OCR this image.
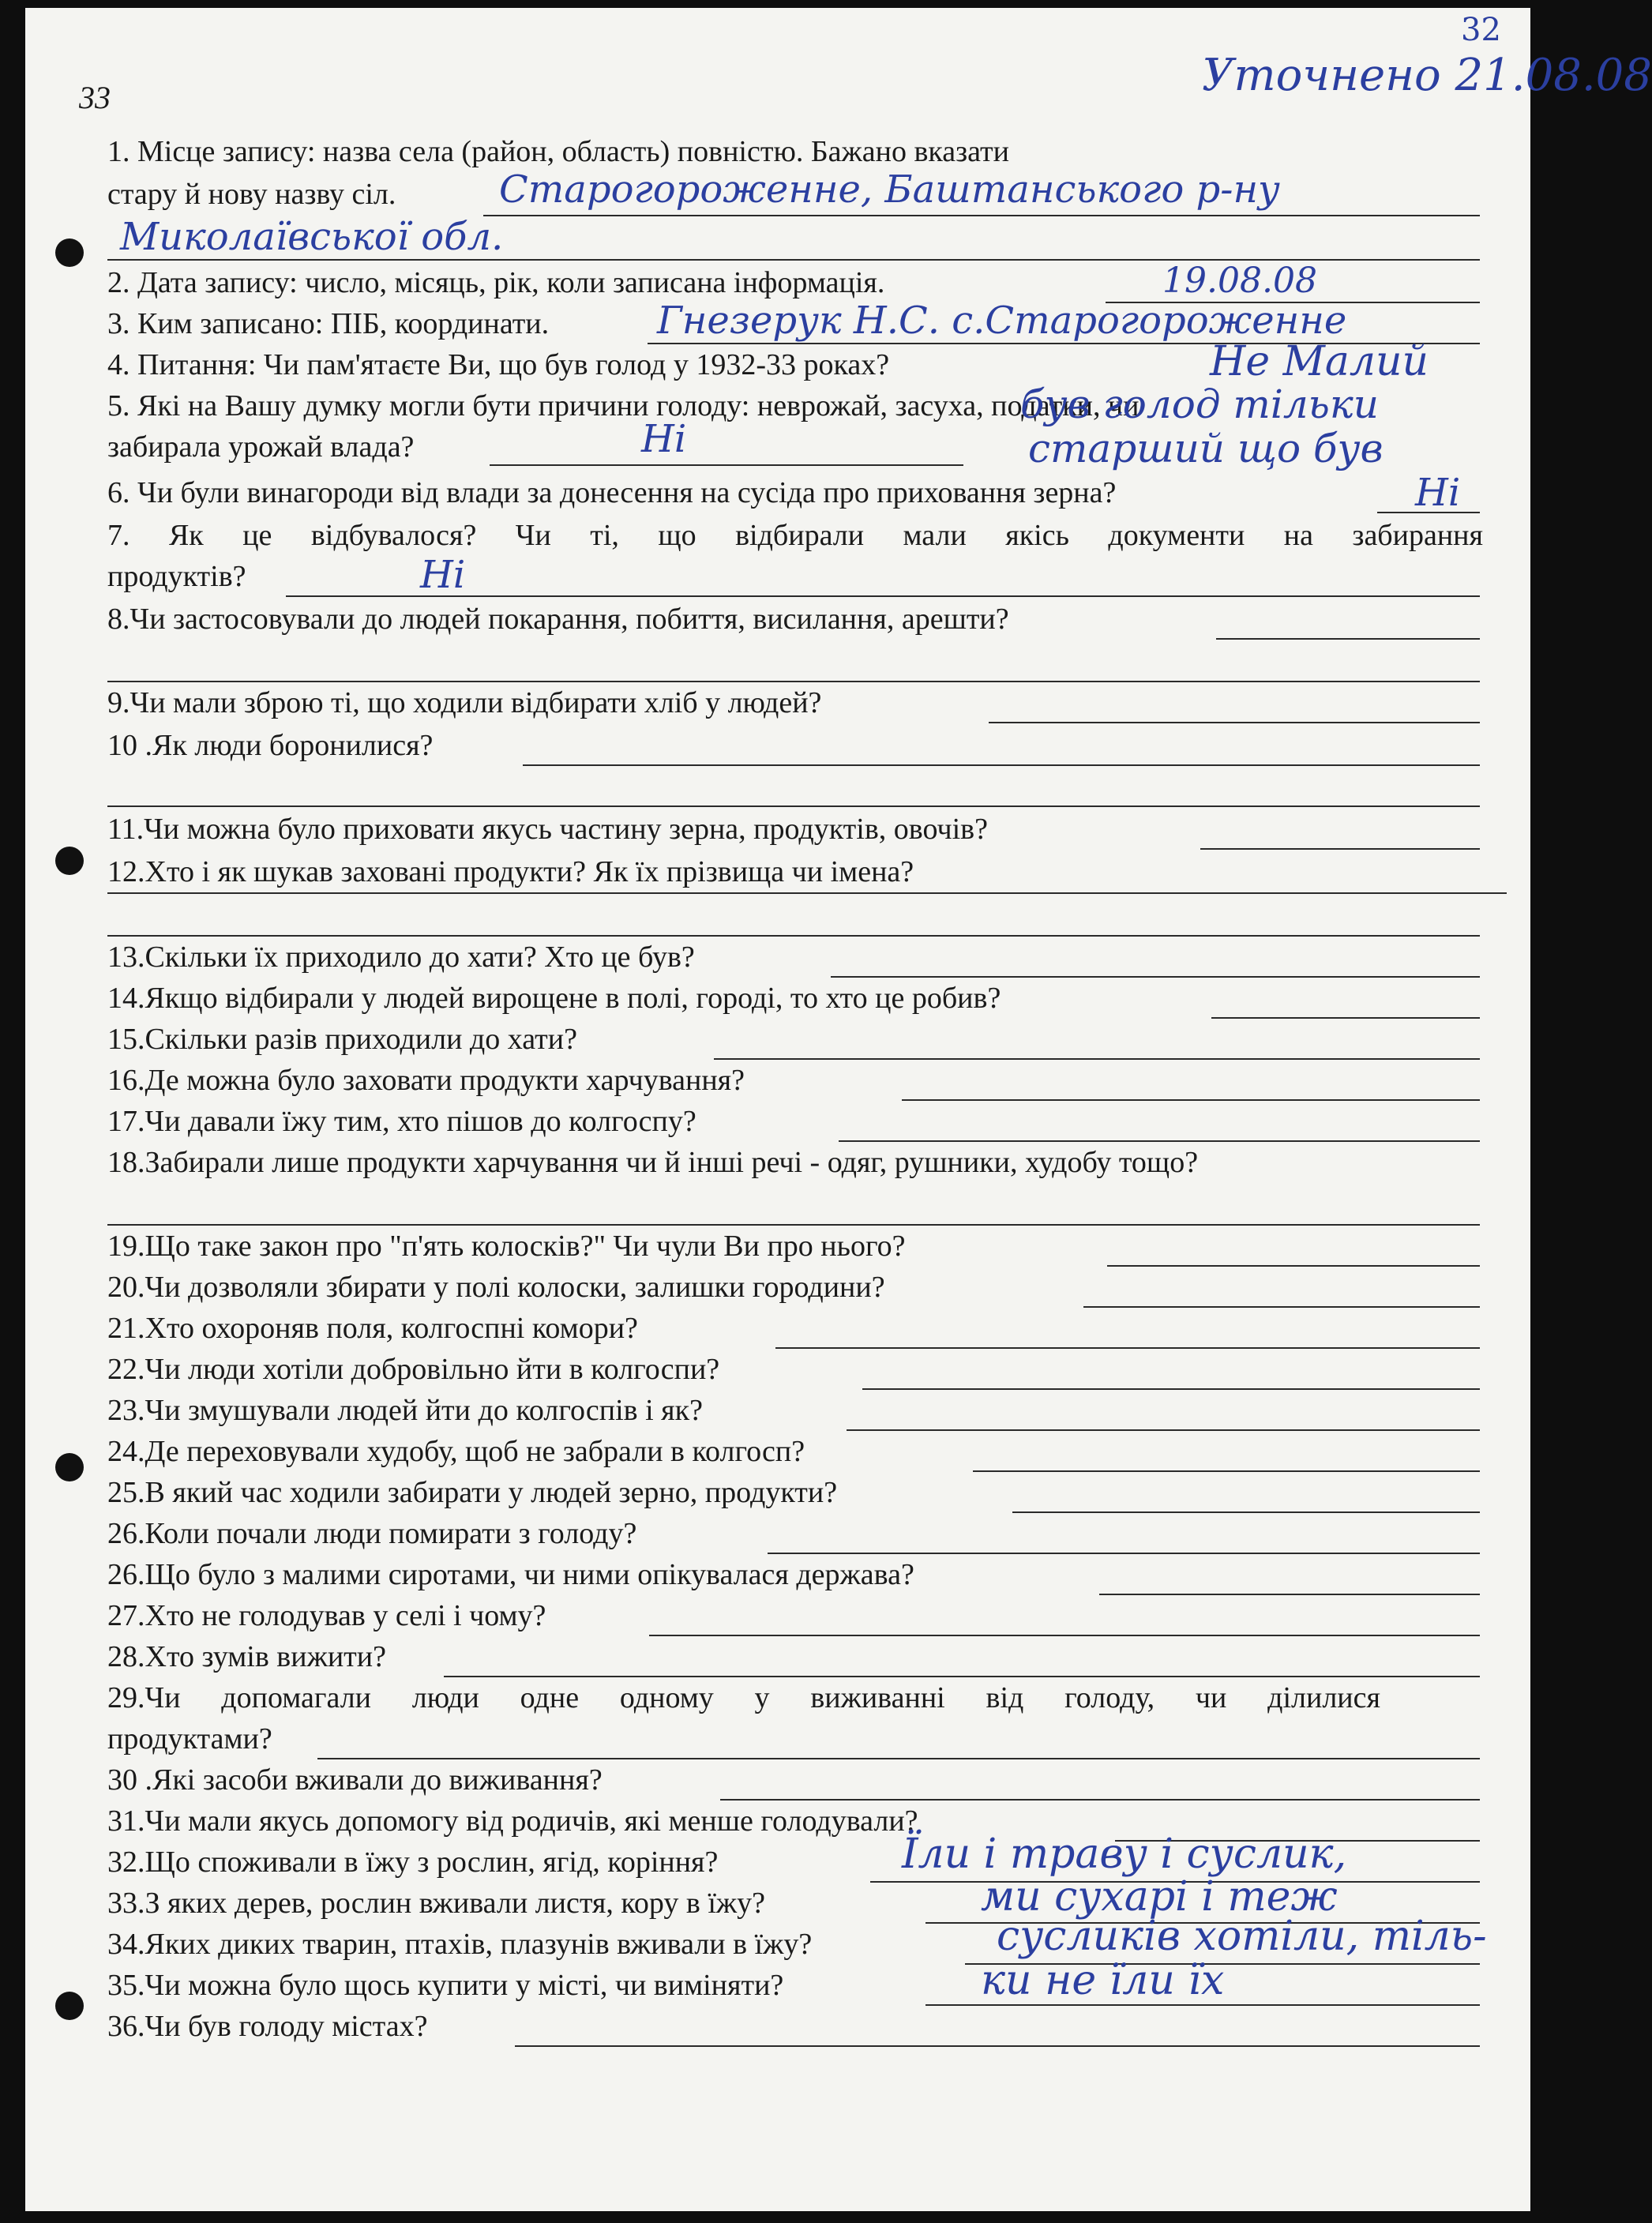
33
32
Уточнено 21.08.08
1. Місце запису: назва села (район, область) повністю. Бажано вказати
стару й нову назву сіл.	Старогороженне, Баштанського р-ну
Миколаївської обл.
2. Дата запису: число, місяць, рік, коли записана інформація.	19.08.08
3. Ким записано: ПІБ, координати.	Гнезерук Н.С. с.Старогороженне
4. Питання: Чи пам'ятаєте Ви, що був голод у 1932-33 роках?	Не Малий
5. Які на Вашу думку могли бути причини голоду: неврожай, засуха, податки, чи
забирала урожай влада?	Ні
був голод тільки
старший що був
6. Чи були винагороди від влади за донесення на сусіда про приховання зерна?	Ні
7. Як це відбувалося? Чи ті, що відбирали мали якісь документи на забирання
продуктів?	Ні
8.Чи застосовували до людей покарання, побиття, висилання, арешти?
9.Чи мали зброю ті, що ходили відбирати хліб у людей?
10 .Як люди боронилися?
11.Чи можна було приховати якусь частину зерна, продуктів, овочів?
12.Хто і як шукав заховані продукти? Як їх прізвища чи імена?
13.Скільки їх приходило до хати? Хто це був?
14.Якщо відбирали у людей вирощене в полі, городі, то хто це робив?
15.Скільки разів приходили до хати?
16.Де можна було заховати продукти харчування?
17.Чи давали їжу тим, хто пішов до колгоспу?
18.Забирали лише продукти харчування чи й інші речі - одяг, рушники, худобу тощо?
19.Що таке закон про "п'ять колосків?" Чи чули Ви про нього?
20.Чи дозволяли збирати у полі колоски, залишки городини?
21.Хто охороняв поля, колгоспні комори?
22.Чи люди хотіли добровільно йти в колгоспи?
23.Чи змушували людей йти до колгоспів і як?
24.Де переховували худобу, щоб не забрали в колгосп?
25.В який час ходили забирати у людей зерно, продукти?
26.Коли почали люди помирати з голоду?
26.Що було з малими сиротами, чи ними опікувалася держава?
27.Хто не голодував у селі і чому?
28.Хто зумів вижити?
29.Чи допомагали люди одне одному у виживанні від голоду, чи ділилися
продуктами?
30 .Які засоби вживали до виживання?
31.Чи мали якусь допомогу від родичів, які менше голодували?
32.Що споживали в їжу з рослин, ягід, коріння?	Їли і траву і суслик,
33.З яких дерев, рослин вживали листя, кору в їжу?	ми сухарі і теж
34.Яких диких тварин, птахів, плазунів вживали в їжу?	сусликів хотіли, тіль-
35.Чи можна було щось купити у місті, чи виміняти?	ки не їли їх
36.Чи був голоду містах?
